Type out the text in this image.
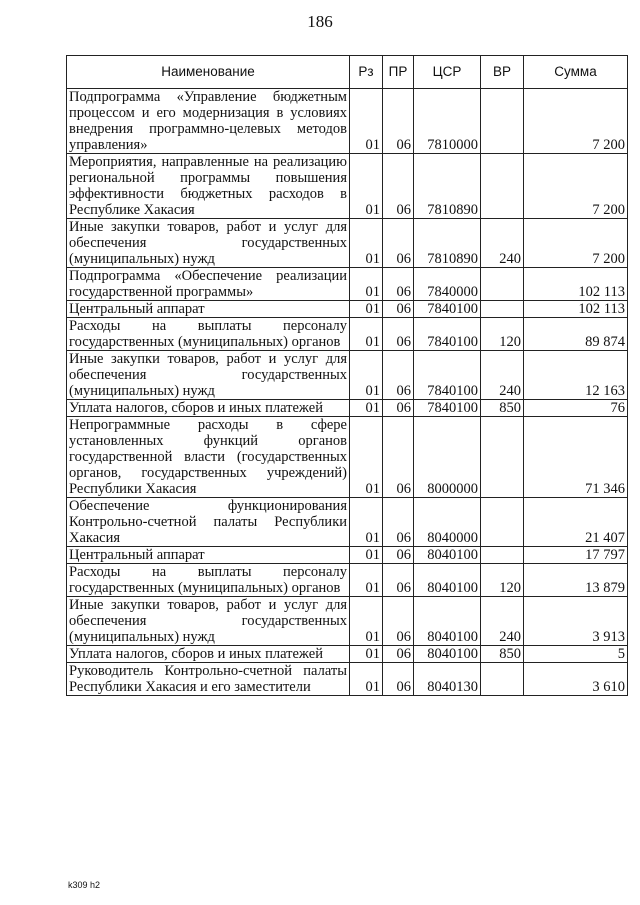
186
Наименование	Рз	ПР	ЦСР	ВР	Сумма
Подпрограмма «Управление бюджетным процессом и его модернизация в условиях внедрения программно-целевых методов управления»	01	06	7810000		7 200
Мероприятия, направленные на реализацию региональной программы повышения эффективности бюджетных расходов в Республике Хакасия	01	06	7810890		7 200
Иные закупки товаров, работ и услуг для обеспечения государственных (муниципальных) нужд	01	06	7810890	240	7 200
Подпрограмма «Обеспечение реализации государственной программы»	01	06	7840000		102 113
Центральный аппарат	01	06	7840100		102 113
Расходы на выплаты персоналу государственных (муниципальных) органов	01	06	7840100	120	89 874
Иные закупки товаров, работ и услуг для обеспечения государственных (муниципальных) нужд	01	06	7840100	240	12 163
Уплата налогов, сборов и иных платежей	01	06	7840100	850	76
Непрограммные расходы в сфере установленных функций органов государственной власти (государственных органов, государственных учреждений) Республики Хакасия	01	06	8000000		71 346
Обеспечение функционирования Контрольно-счетной палаты Республики Хакасия	01	06	8040000		21 407
Центральный аппарат	01	06	8040100		17 797
Расходы на выплаты персоналу государственных (муниципальных) органов	01	06	8040100	120	13 879
Иные закупки товаров, работ и услуг для обеспечения государственных (муниципальных) нужд	01	06	8040100	240	3 913
Уплата налогов, сборов и иных платежей	01	06	8040100	850	5
Руководитель Контрольно-счетной палаты Республики Хакасия и его заместители	01	06	8040130		3 610
k309 h2
